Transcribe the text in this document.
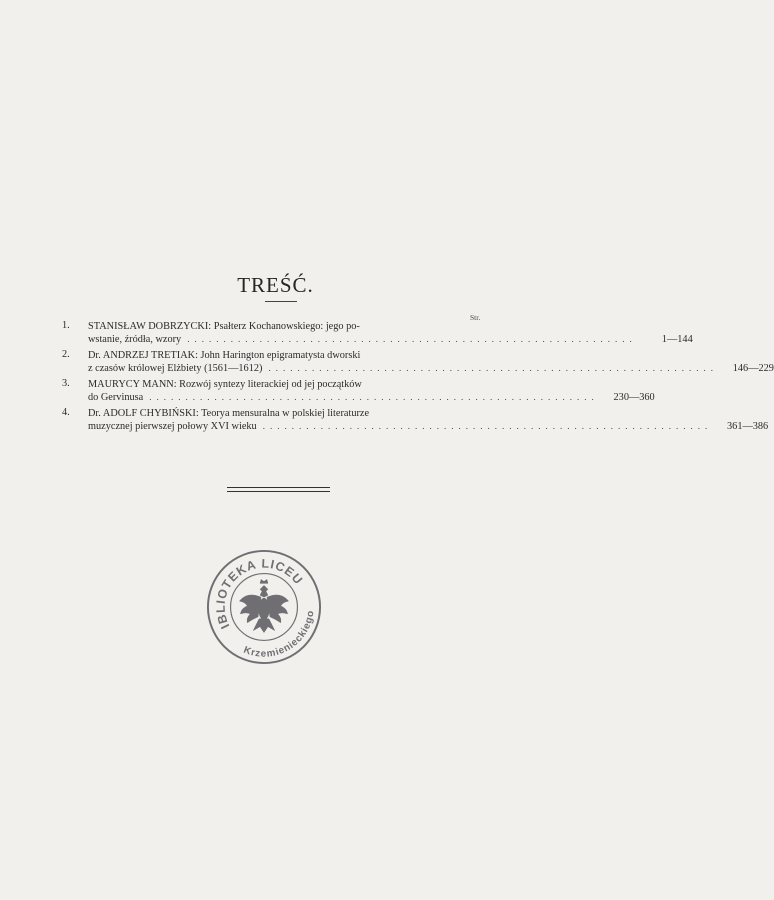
TREŚĆ.
Str.
1.	STANISŁAW DOBRZYCKI: Psałterz Kochanowskiego: jego po-
wstanie, źródła, wzory ..............................................................	1—144
2.	Dr. ANDRZEJ TRETIAK: John Harington epigramatysta dworski
z czasów królowej Elżbiety (1561—1612) ..............................................................	146—229
3.	MAURYCY MANN: Rozwój syntezy literackiej od jej początków
do Gervinusa ..............................................................	230—360
4.	Dr. ADOLF CHYBIŃSKI: Teorya mensuralna w polskiej literaturze
muzycznej pierwszej połowy XVI wieku ..............................................................	361—386
BIBLIOTEKA LICEUM
Krzemienieckiego
